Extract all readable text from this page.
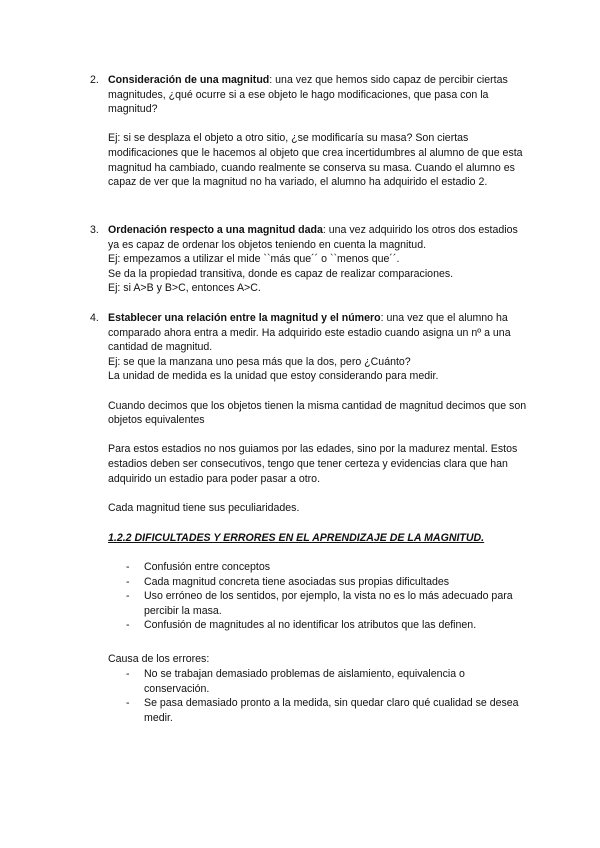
2. Consideración de una magnitud: una vez que hemos sido capaz de percibir ciertas magnitudes, ¿qué ocurre si a ese objeto le hago modificaciones, que pasa con la magnitud?

Ej: si se desplaza el objeto a otro sitio, ¿se modificaría su masa? Son ciertas modificaciones que le hacemos al objeto que crea incertidumbres al alumno de que esta magnitud ha cambiado, cuando realmente se conserva su masa. Cuando el alumno es capaz de ver que la magnitud no ha variado, el alumno ha adquirido el estadio 2.

3. Ordenación respecto a una magnitud dada: una vez adquirido los otros dos estadios ya es capaz de ordenar los objetos teniendo en cuenta la magnitud.

Ej: empezamos a utilizar el mide ``más que´´ o ``menos que´´.

Se da la propiedad transitiva, donde es capaz de realizar comparaciones.

Ej: si A>B y B>C, entonces A>C.

4. Establecer una relación entre la magnitud y el número: una vez que el alumno ha comparado ahora entra a medir. Ha adquirido este estadio cuando asigna un nº a una cantidad de magnitud.

Ej: se que la manzana uno pesa más que la dos, pero ¿Cuánto?

La unidad de medida es la unidad que estoy considerando para medir.

Cuando decimos que los objetos tienen la misma cantidad de magnitud decimos que son objetos equivalentes

Para estos estadios no nos guiamos por las edades, sino por la madurez mental. Estos estadios deben ser consecutivos, tengo que tener certeza y evidencias clara que han adquirido un estadio para poder pasar a otro.

Cada magnitud tiene sus peculiaridades.

1.2.2 DIFICULTADES Y ERRORES EN EL APRENDIZAJE DE LA MAGNITUD.

- Confusión entre conceptos

- Cada magnitud concreta tiene asociadas sus propias dificultades

- Uso erróneo de los sentidos, por ejemplo, la vista no es lo más adecuado para percibir la masa.

- Confusión de magnitudes al no identificar los atributos que las definen.

Causa de los errores:

- No se trabajan demasiado problemas de aislamiento, equivalencia o conservación.

- Se pasa demasiado pronto a la medida, sin quedar claro qué cualidad se desea medir.
